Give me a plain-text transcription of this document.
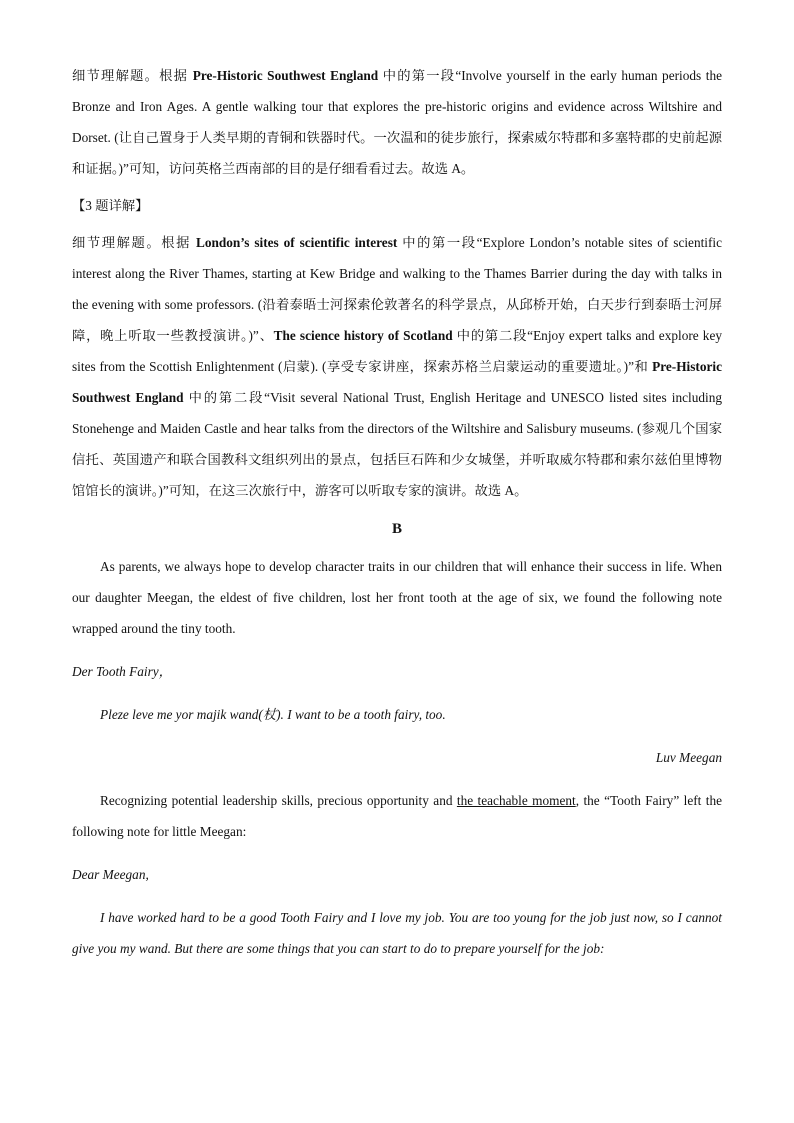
细节理解题。根据 Pre-Historic Southwest England 中的第一段“Involve yourself in the early human periods the Bronze and Iron Ages. A gentle walking tour that explores the pre-historic origins and evidence across Wiltshire and Dorset. (让自己置身于人类早期的青铜和铁器时代。一次温和的徒步旅行，探索威尔特郡和多塞特郡的史前起源和证据。)”可知，访问英格兰西南部的目的是仔细看看过去。故选 A。

【3 题详解】

细节理解题。根据 London’s sites of scientific interest 中的第一段“Explore London’s notable sites of scientific interest along the River Thames, starting at Kew Bridge and walking to the Thames Barrier during the day with talks in the evening with some professors. (沿着泰晤士河探索伦敦著名的科学景点，从邱桥开始，白天步行到泰晤士河屏障，晚上听取一些教授演讲。)”、The science history of Scotland 中的第二段“Enjoy expert talks and explore key sites from the Scottish Enlightenment (启蒙). (享受专家讲座，探索苏格兰启蒙运动的重要遗址。)”和 Pre-Historic Southwest England 中的第二段“Visit several National Trust, English Heritage and UNESCO listed sites including Stonehenge and Maiden Castle and hear talks from the directors of the Wiltshire and Salisbury museums. (参观几个国家信托、英国遗产和联合国教科文组织列出的景点，包括巨石阵和少女城堡，并听取威尔特郡和索尔兹伯里博物馆馆长的演讲。)”可知，在这三次旅行中，游客可以听取专家的演讲。故选 A。

B

As parents, we always hope to develop character traits in our children that will enhance their success in life. When our daughter Meegan, the eldest of five children, lost her front tooth at the age of six, we found the following note wrapped around the tiny tooth.

Der Tooth Fairy，

Pleze leve me yor majik wand(杖). I want to be a tooth fairy, too.

Luv Meegan

Recognizing potential leadership skills, precious opportunity and the teachable moment, the “Tooth Fairy” left the following note for little Meegan:

Dear Meegan,

I have worked hard to be a good Tooth Fairy and I love my job. You are too young for the job just now, so I cannot give you my wand. But there are some things that you can start to do to prepare yourself for the job:
